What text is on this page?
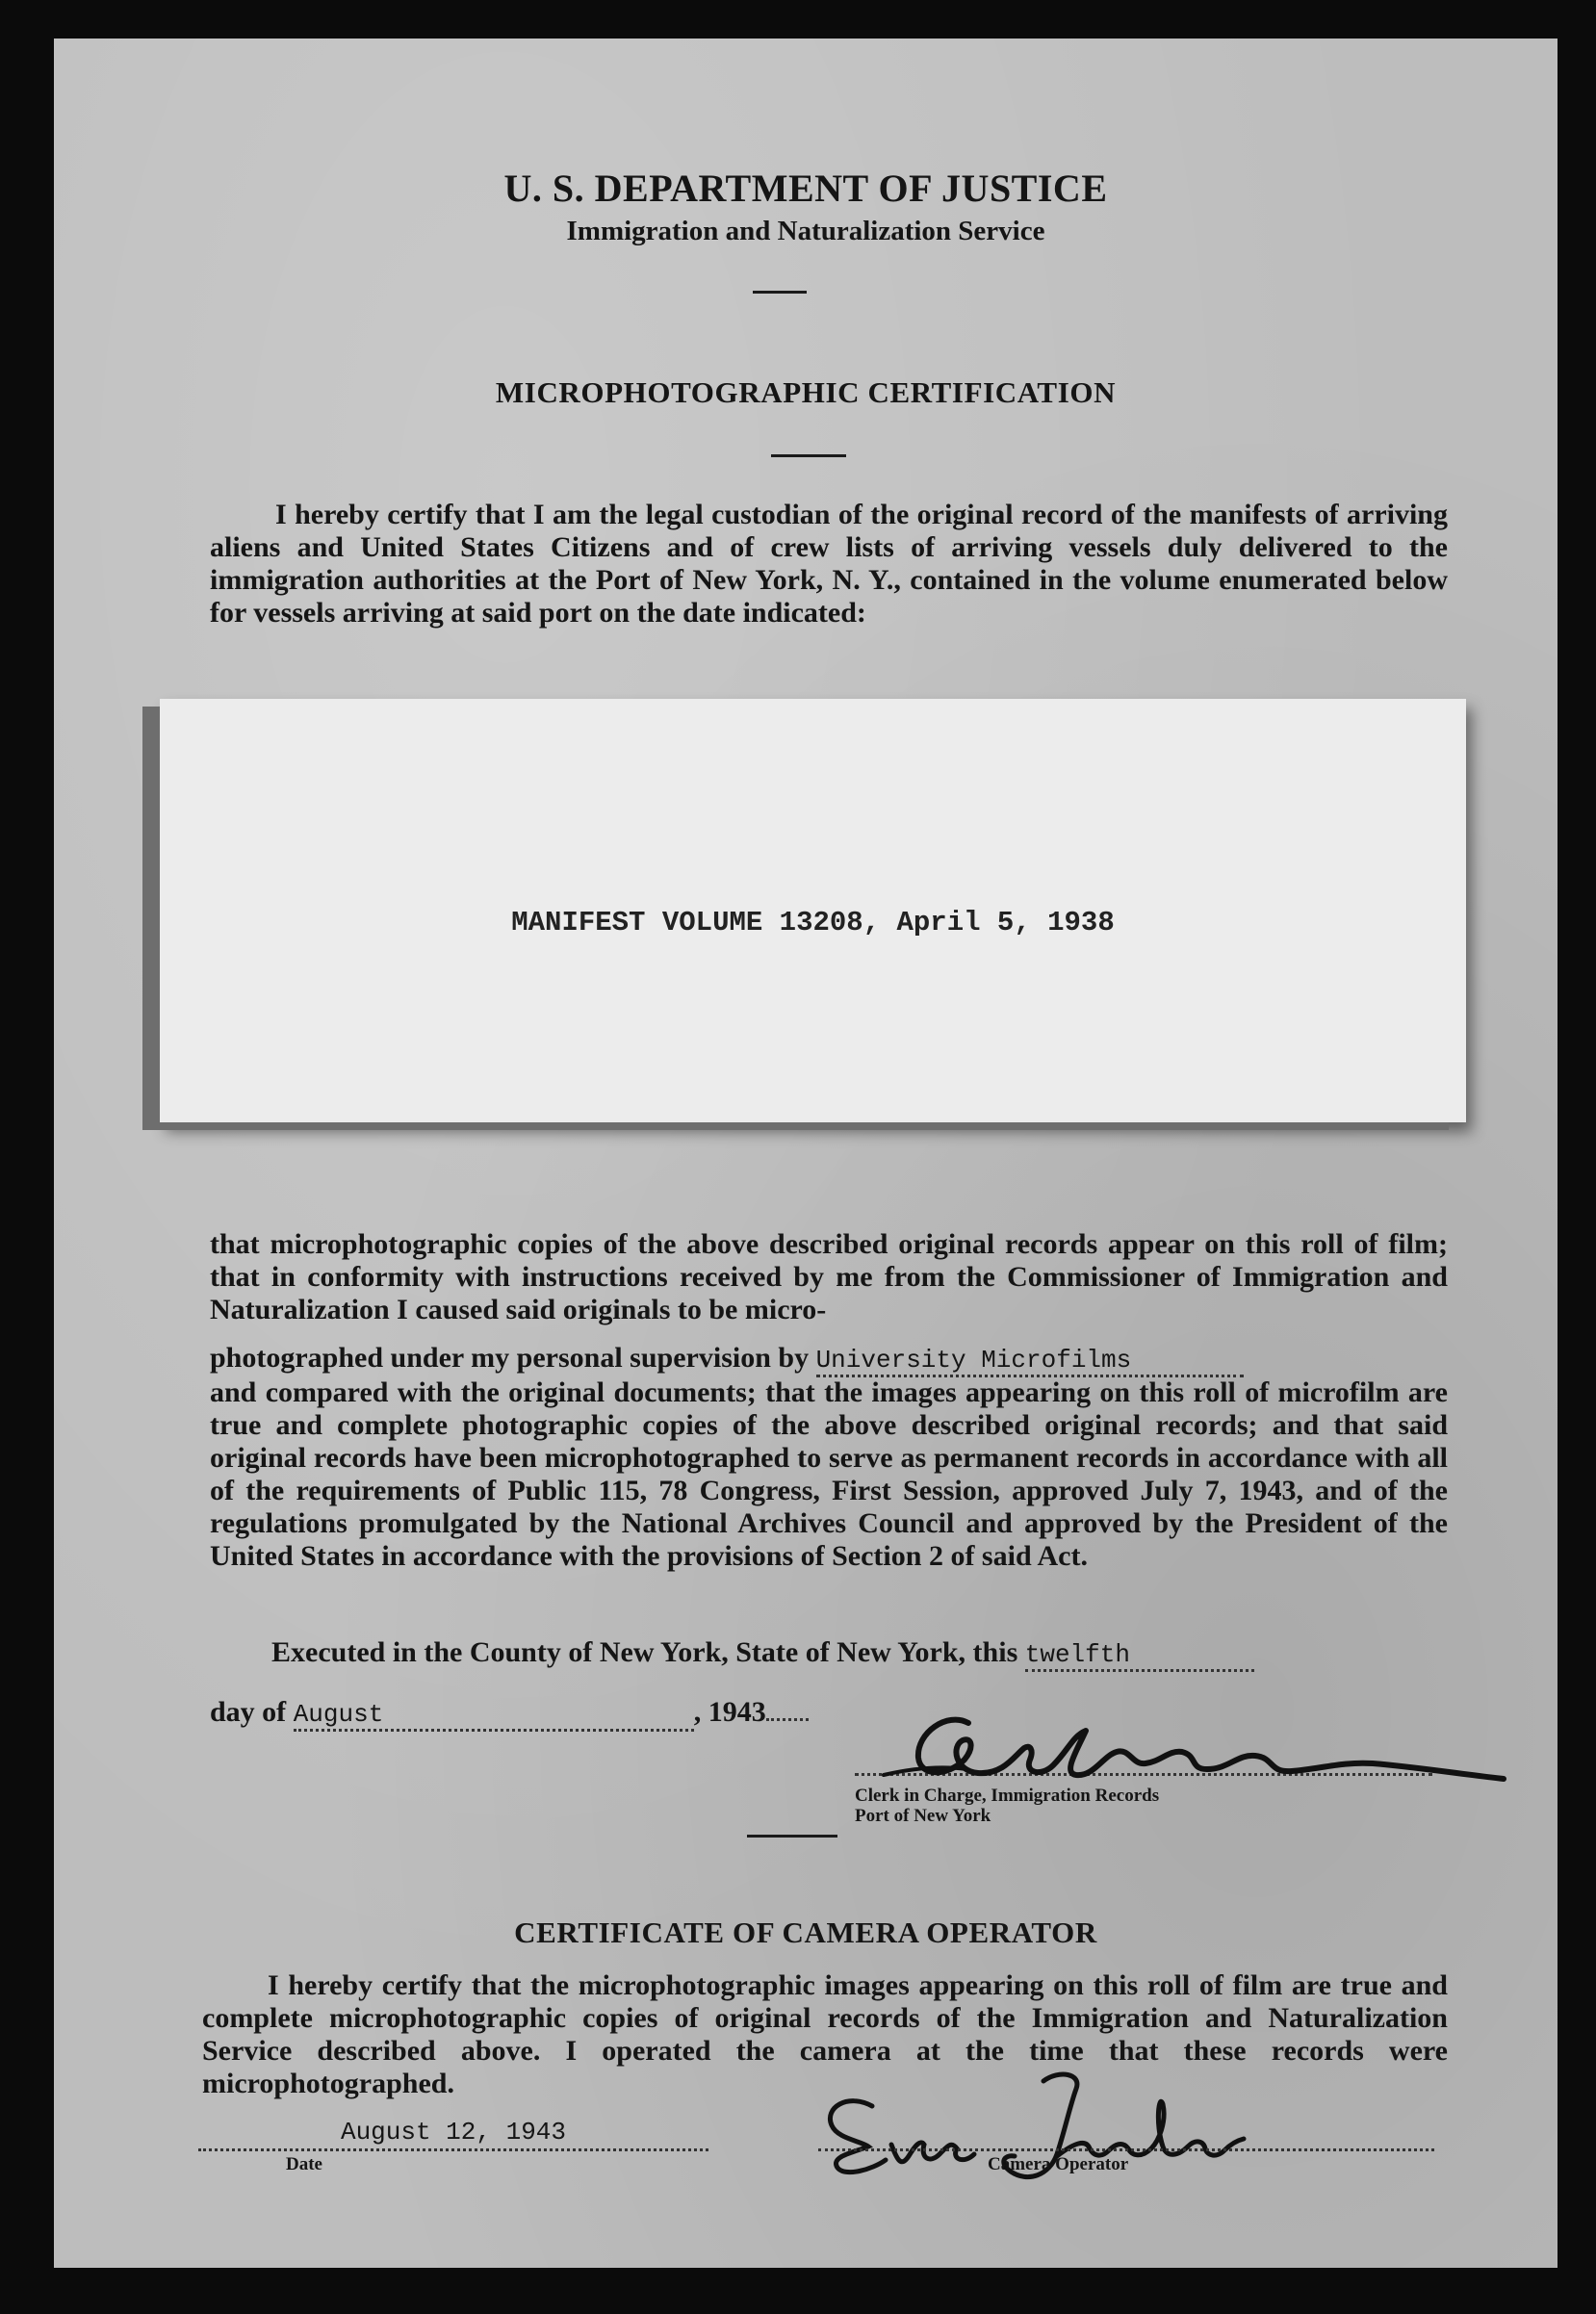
U. S. DEPARTMENT OF JUSTICE
Immigration and Naturalization Service
MICROPHOTOGRAPHIC CERTIFICATION

I hereby certify that I am the legal custodian of the original record of the manifests of arriving aliens and United States Citizens and of crew lists of arriving vessels duly delivered to the immigration authorities at the Port of New York, N. Y., contained in the volume enumerated below for vessels arriving at said port on the date indicated:

MANIFEST VOLUME 13208, April 5, 1938

that microphotographic copies of the above described original records appear on this roll of film; that in conformity with instructions received by me from the Commissioner of Immigration and Naturalization I caused said originals to be micro-

photographed under my personal supervision by University Microfilms

and compared with the original documents; that the images appearing on this roll of microfilm are true and complete photographic copies of the above described original records; and that said original records have been microphotographed to serve as permanent records in accordance with all of the requirements of Public 115, 78 Congress, First Session, approved July 7, 1943, and of the regulations promulgated by the National Archives Council and approved by the President of the United States in accordance with the provisions of Section 2 of said Act.

Executed in the County of New York, State of New York, this twelfth
day of August	, 1943
Clerk in Charge, Immigration Records
Port of New York
CERTIFICATE OF CAMERA OPERATOR

I hereby certify that the microphotographic images appearing on this roll of film are true and complete microphotographic copies of original records of the Immigration and Naturalization Service described above. I operated the camera at the time that these records were microphotographed.

August 12, 1943
Date	Camera Operator
